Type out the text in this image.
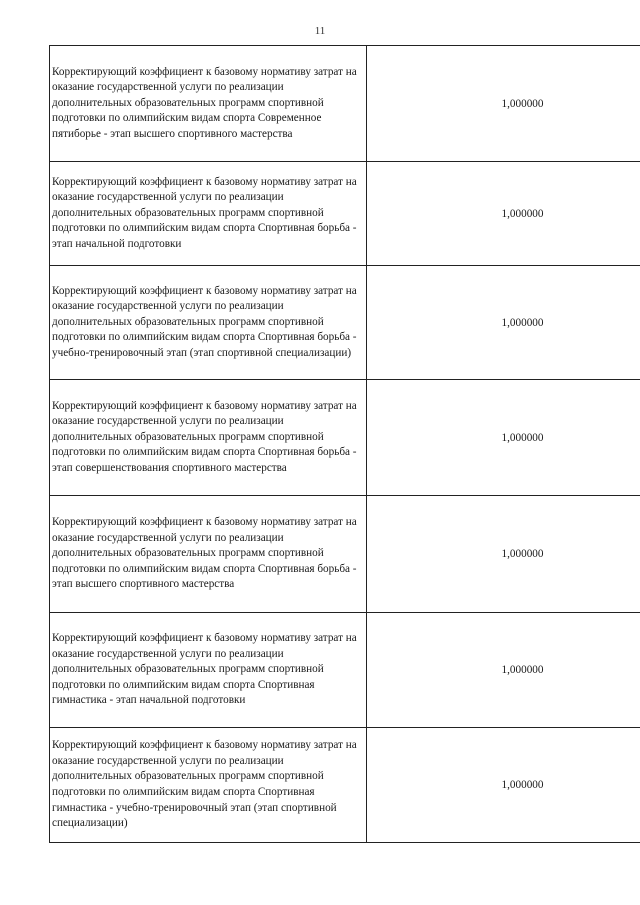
11
Корректирующий коэффициент к базовому нормативу затрат на оказание государственной услуги по реализации дополнительных образовательных программ спортивной подготовки по олимпийским видам спорта Современное пятиборье - этап высшего спортивного мастерства	1,000000
Корректирующий коэффициент к базовому нормативу затрат на оказание государственной услуги по реализации дополнительных образовательных программ спортивной подготовки по олимпийским видам спорта Спортивная борьба - этап начальной подготовки	1,000000
Корректирующий коэффициент к базовому нормативу затрат на оказание государственной услуги по реализации дополнительных образовательных программ спортивной подготовки по олимпийским видам спорта Спортивная борьба - учебно-тренировочный этап (этап спортивной специализации)	1,000000
Корректирующий коэффициент к базовому нормативу затрат на оказание государственной услуги по реализации дополнительных образовательных программ спортивной подготовки по олимпийским видам спорта Спортивная борьба - этап совершенствования спортивного мастерства	1,000000
Корректирующий коэффициент к базовому нормативу затрат на оказание государственной услуги по реализации дополнительных образовательных программ спортивной подготовки по олимпийским видам спорта Спортивная борьба - этап высшего спортивного мастерства	1,000000
Корректирующий коэффициент к базовому нормативу затрат на оказание государственной услуги по реализации дополнительных образовательных программ спортивной подготовки по олимпийским видам спорта Спортивная гимнастика - этап начальной подготовки	1,000000
Корректирующий коэффициент к базовому нормативу затрат на оказание государственной услуги по реализации дополнительных образовательных программ спортивной подготовки по олимпийским видам спорта Спортивная гимнастика - учебно-тренировочный этап (этап спортивной специализации)	1,000000
